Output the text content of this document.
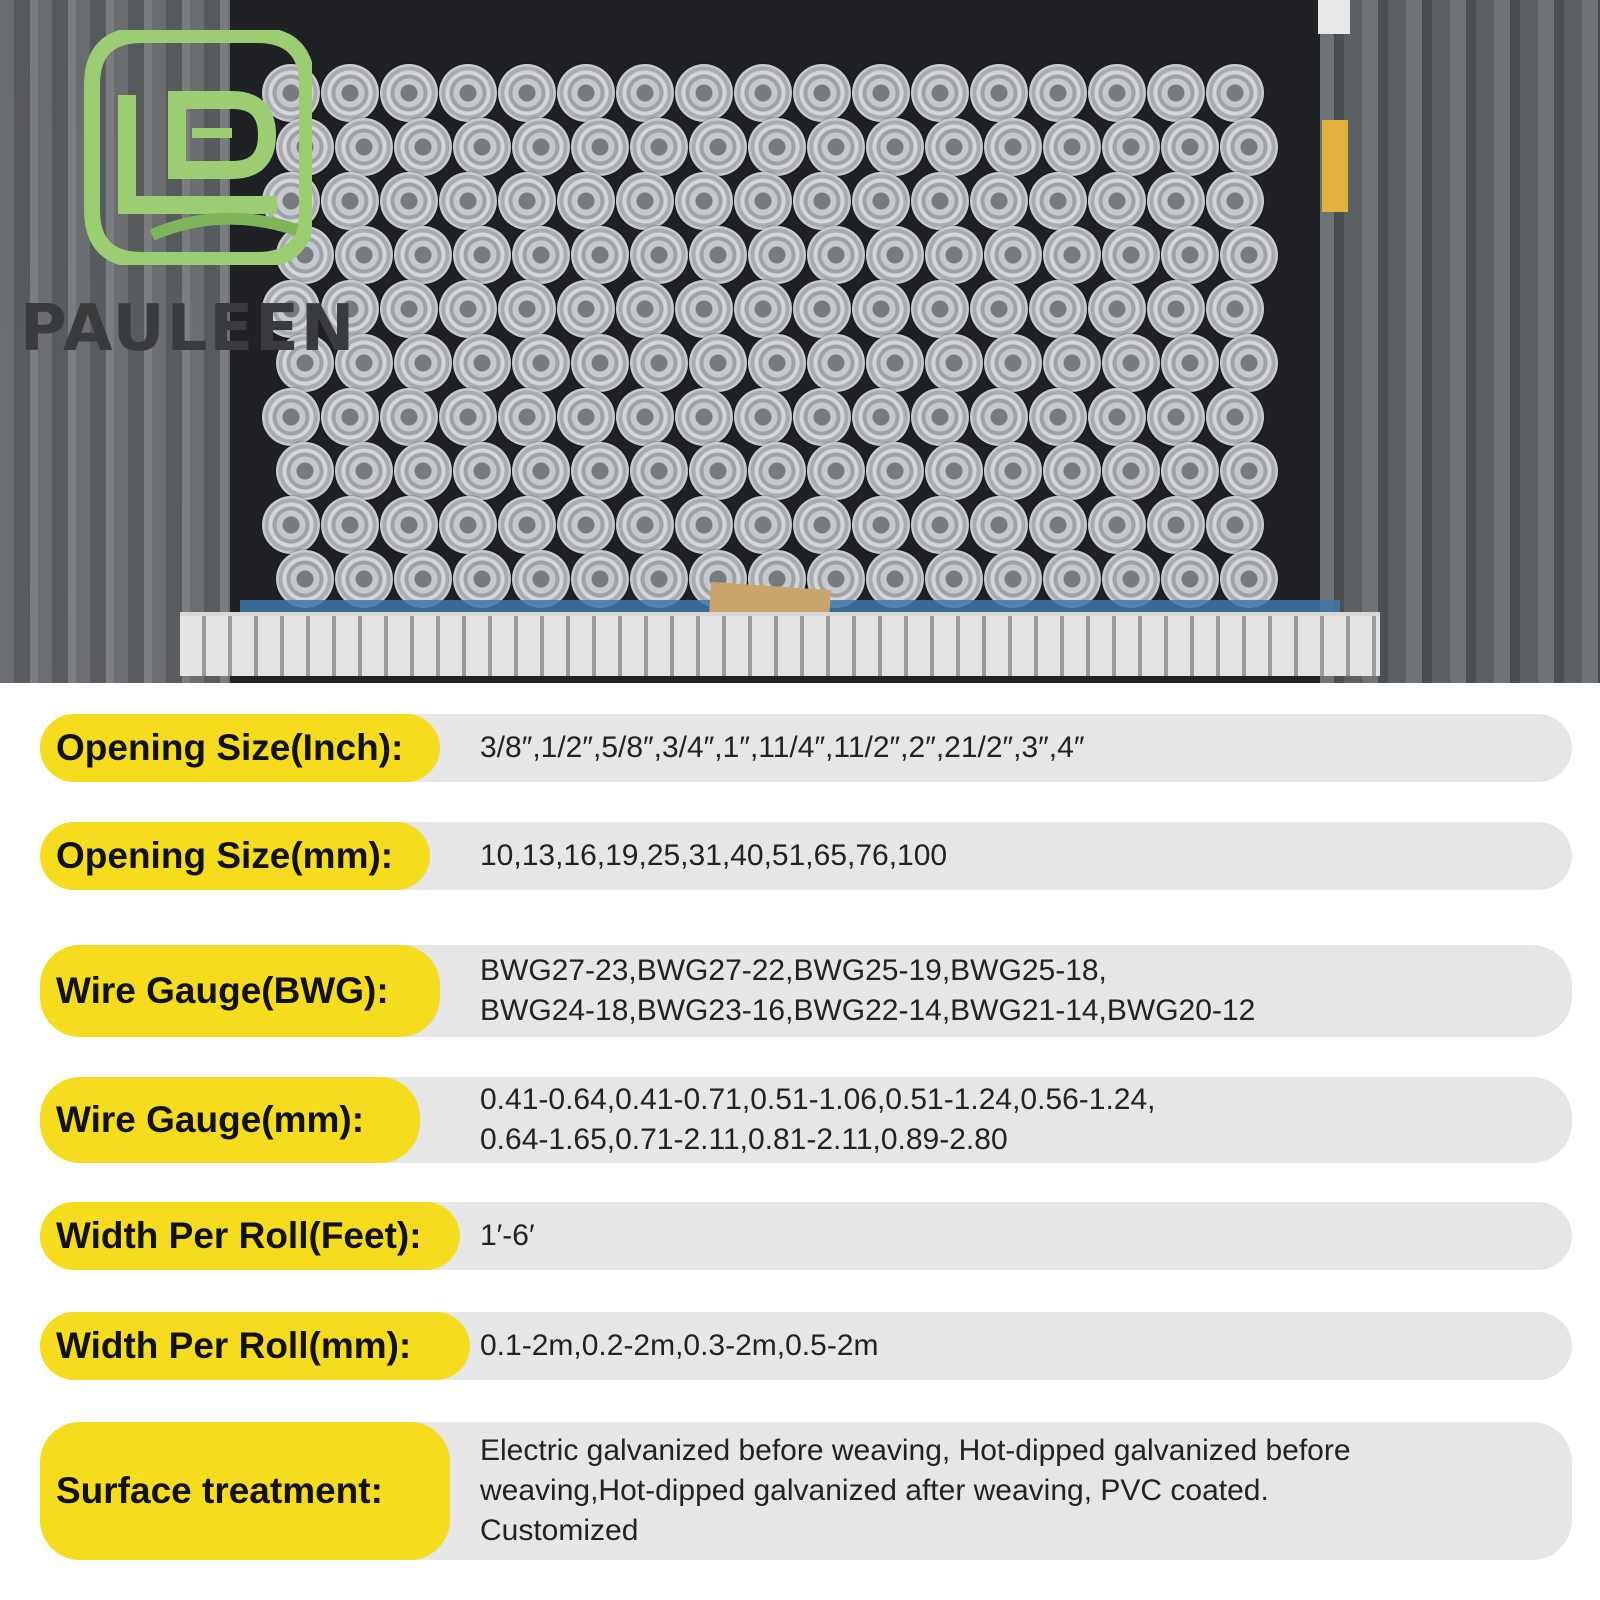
PAULEEN
Opening Size(Inch):	3/8″,1/2″,5/8″,3/4″,1″,11/4″,11/2″,2″,21/2″,3″,4″
Opening Size(mm):	10,13,16,19,25,31,40,51,65,76,100
Wire Gauge(BWG):	BWG27-23,BWG27-22,BWG25-19,BWG25-18,
BWG24-18,BWG23-16,BWG22-14,BWG21-14,BWG20-12
Wire Gauge(mm):	0.41-0.64,0.41-0.71,0.51-1.06,0.51-1.24,0.56-1.24,
0.64-1.65,0.71-2.11,0.81-2.11,0.89-2.80
Width Per Roll(Feet):	1′-6′
Width Per Roll(mm):	0.1-2m,0.2-2m,0.3-2m,0.5-2m
Surface treatment:
Electric galvanized before weaving, Hot-dipped galvanized before
weaving,Hot-dipped galvanized after weaving, PVC coated.
Customized
